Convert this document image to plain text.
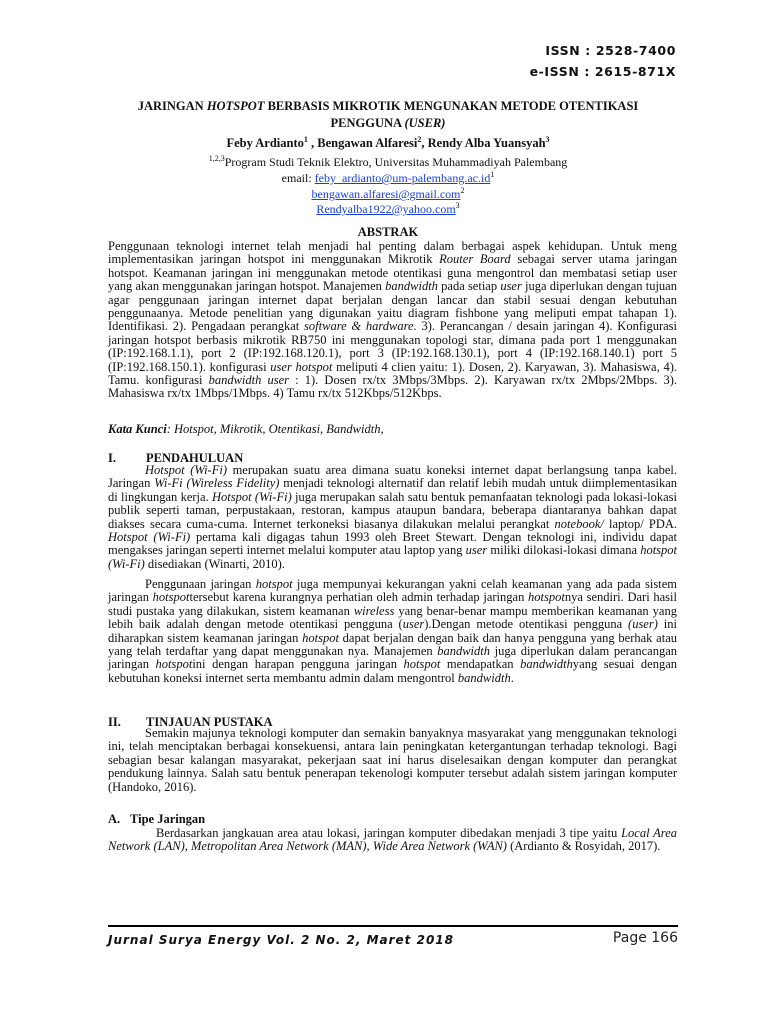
ISSN : 2528-7400
e-ISSN : 2615-871X
JARINGAN HOTSPOT BERBASIS MIKROTIK MENGUNAKAN METODE OTENTIKASI
PENGGUNA (USER)
Feby Ardianto$^1$ , Bengawan Alfaresi$^2$, Rendy Alba Yuansyah$^3$
$^{1,2,3}$Program Studi Teknik Elektro, Universitas Muhammadiyah Palembang
email: $feby\_ardianto@um-palembang.ac.id^1$
bengawan.alfaresi@gmail.com$^2$
Rendyalba1922@yahoo.com$^3$
ABSTRAK

Penggunaan teknologi internet telah menjadi hal penting dalam berbagai aspek kehidupan. Untuk meng implementasikan jaringan hotspot ini menggunakan Mikrotik Router Board sebagai server utama jaringan hotspot. Keamanan jaringan ini menggunakan metode otentikasi guna mengontrol dan membatasi setiap user yang akan menggunakan jaringan hotspot. Manajemen bandwidth pada setiap user juga diperlukan dengan tujuan agar penggunaan jaringan internet dapat berjalan dengan lancar dan stabil sesuai dengan kebutuhan penggunaanya. Metode penelitian yang digunakan yaitu diagram fishbone yang meliputi empat tahapan 1). Identifikasi. 2). Pengadaan perangkat software & hardware. 3). Perancangan / desain jaringan 4). Konfigurasi jaringan hotspot berbasis mikrotik RB750 ini menggunakan topologi star, dimana pada port 1 menggunakan (IP:192.168.1.1), port 2 (IP:192.168.120.1), port 3 (IP:192.168.130.1), port 4 (IP:192.168.140.1) port 5 (IP:192.168.150.1). konfigurasi user hotspot meliputi 4 clien yaitu: 1). Dosen, 2). Karyawan, 3). Mahasiswa, 4). Tamu. konfigurasi bandwidth user : 1). Dosen rx/tx 3Mbps/3Mbps. 2). Karyawan rx/tx 2Mbps/2Mbps. 3). Mahasiswa rx/tx 1Mbps/1Mbps. 4) Tamu rx/tx 512Kbps/512Kbps.

Kata Kunci: Hotspot, Mikrotik, Otentikasi, Bandwidth,

I. PENDAHULUAN

Hotspot (Wi-Fi) merupakan suatu area dimana suatu koneksi internet dapat berlangsung tanpa kabel. Jaringan Wi-Fi (Wireless Fidelity) menjadi teknologi alternatif dan relatif lebih mudah untuk diimplementasikan di lingkungan kerja. Hotspot (Wi-Fi) juga merupakan salah satu bentuk pemanfaatan teknologi pada lokasi-lokasi publik seperti taman, perpustakaan, restoran, kampus ataupun bandara, beberapa diantaranya bahkan dapat diakses secara cuma-cuma. Internet terkoneksi biasanya dilakukan melalui perangkat notebook/ laptop/ PDA. Hotspot (Wi-Fi) pertama kali digagas tahun 1993 oleh Breet Stewart. Dengan teknologi ini, individu dapat mengakses jaringan seperti internet melalui komputer atau laptop yang user miliki dilokasi-lokasi dimana hotspot (Wi-Fi) disediakan (Winarti, 2010).

Penggunaan jaringan hotspot juga mempunyai kekurangan yakni celah keamanan yang ada pada sistem jaringan hotspottersebut karena kurangnya perhatian oleh admin terhadap jaringan hotspotnya sendiri. Dari hasil studi pustaka yang dilakukan, sistem keamanan wireless yang benar-benar mampu memberikan keamanan yang lebih baik adalah dengan metode otentikasi pengguna (user).Dengan metode otentikasi pengguna (user) ini diharapkan sistem keamanan jaringan hotspot dapat berjalan dengan baik dan hanya pengguna yang berhak atau yang telah terdaftar yang dapat menggunakan nya. Manajemen bandwidth juga diperlukan dalam perancangan jaringan hotspotini dengan harapan pengguna jaringan hotspot mendapatkan bandwidthyang sesuai dengan kebutuhan koneksi internet serta membantu admin dalam mengontrol bandwidth.

II. TINJAUAN PUSTAKA

Semakin majunya teknologi komputer dan semakin banyaknya masyarakat yang menggunakan teknologi ini, telah menciptakan berbagai konsekuensi, antara lain peningkatan ketergantungan terhadap teknologi. Bagi sebagian besar kalangan masyarakat, pekerjaan saat ini harus diselesaikan dengan komputer dan perangkat pendukung lainnya. Salah satu bentuk penerapan tekenologi komputer tersebut adalah sistem jaringan komputer (Handoko, 2016).

A. Tipe Jaringan

Berdasarkan jangkauan area atau lokasi, jaringan komputer dibedakan menjadi 3 tipe yaitu Local Area Network (LAN), Metropolitan Area Network (MAN), Wide Area Network (WAN) (Ardianto & Rosyidah, 2017).

Jurnal Surya Energy Vol. 2 No. 2, Maret 2018	Page 166
